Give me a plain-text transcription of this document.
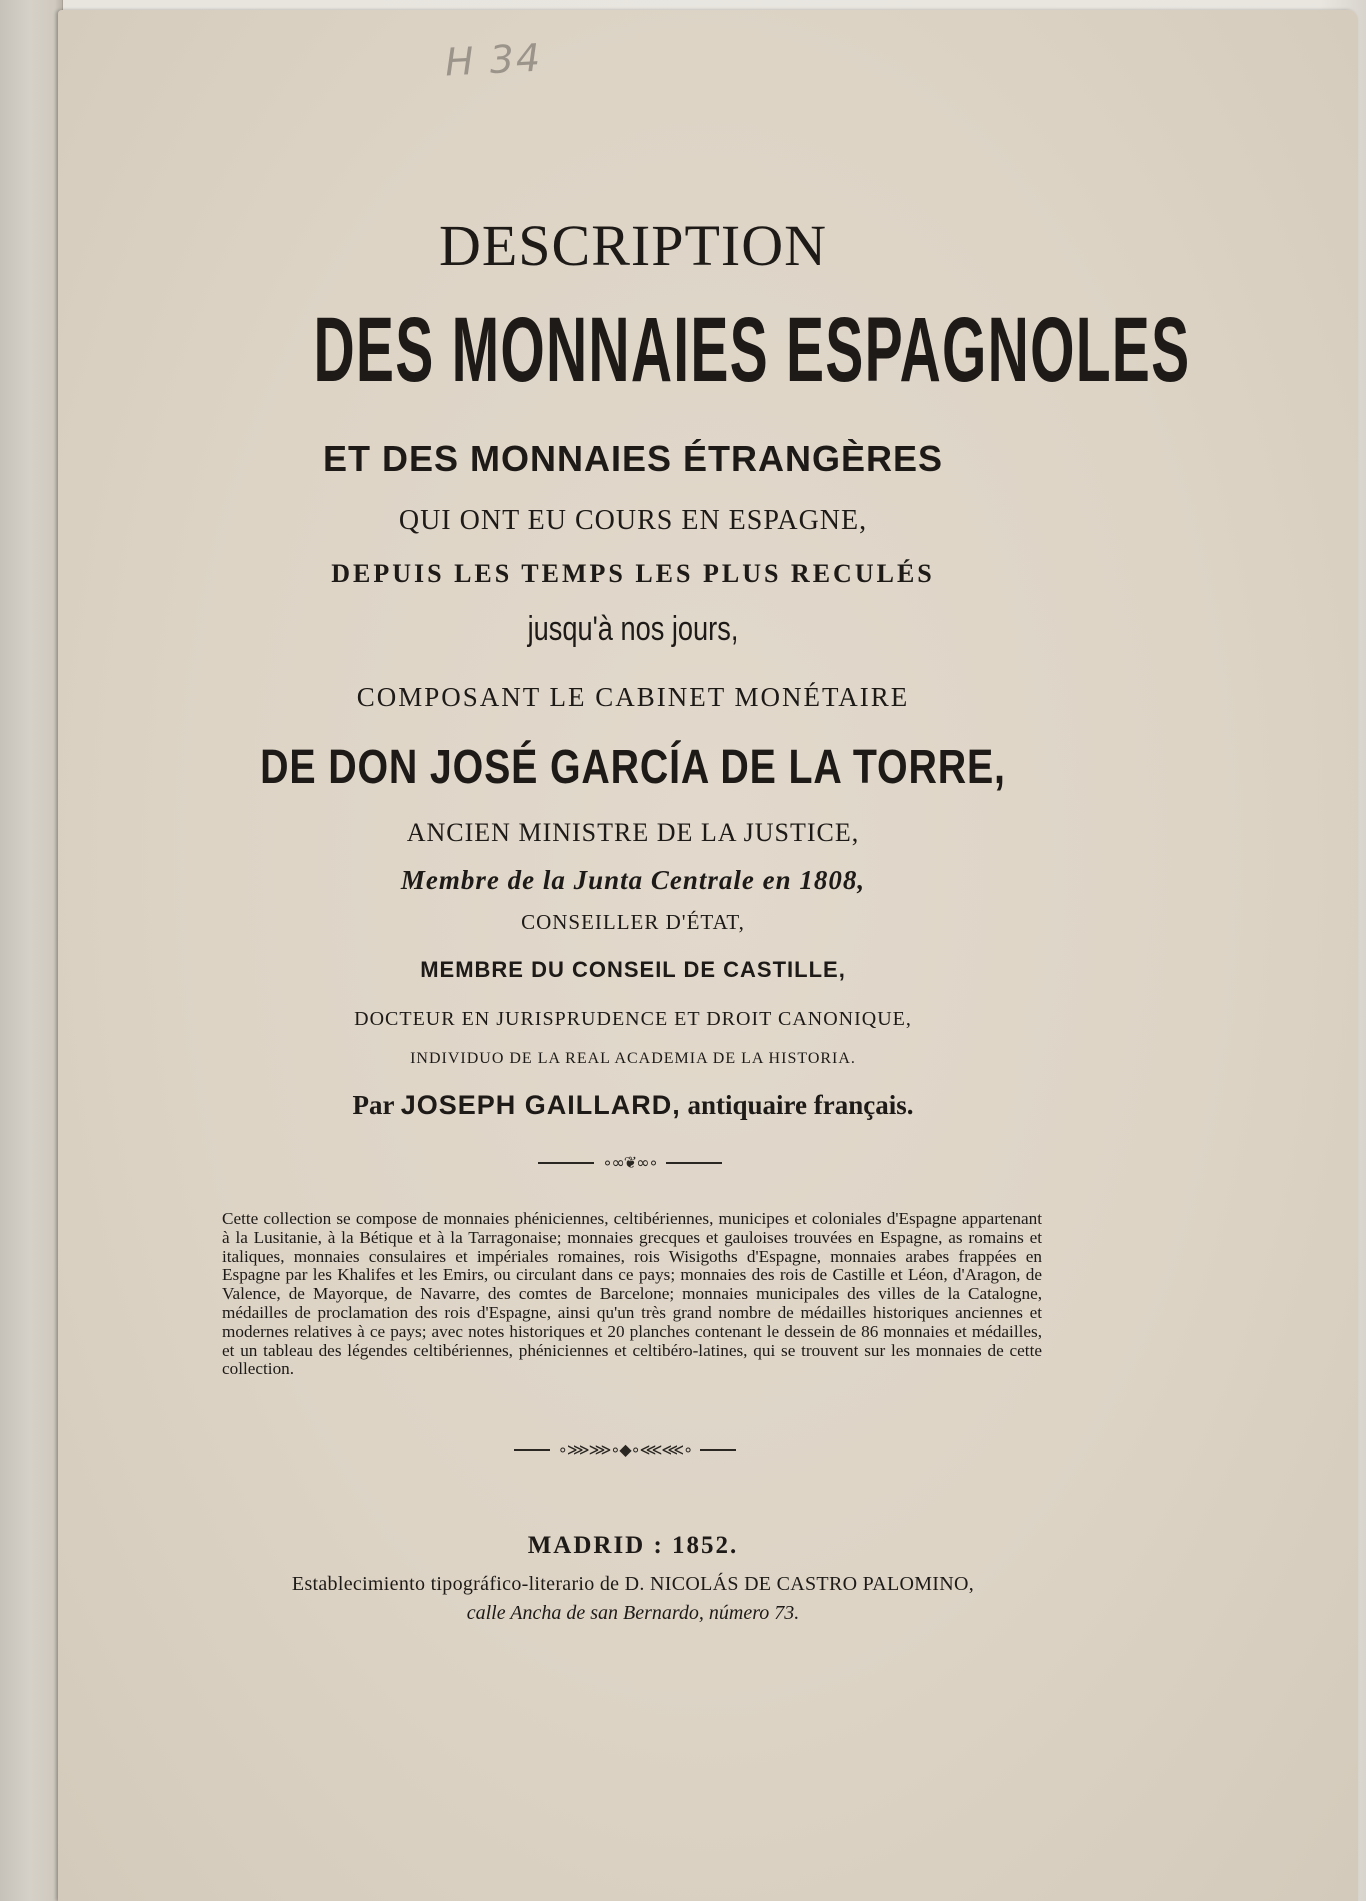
H 34
DESCRIPTION
DES MONNAIES ESPAGNOLES
ET DES MONNAIES ÉTRANGÈRES
QUI ONT EU COURS EN ESPAGNE,
DEPUIS LES TEMPS LES PLUS RECULÉS
jusqu'à nos jours,
COMPOSANT LE CABINET MONÉTAIRE
DE DON JOSÉ GARCÍA DE LA TORRE,
ANCIEN MINISTRE DE LA JUSTICE,
Membre de la Junta Centrale en 1808,
CONSEILLER D'ÉTAT,
MEMBRE DU CONSEIL DE CASTILLE,
DOCTEUR EN JURISPRUDENCE ET DROIT CANONIQUE,
INDIVIDUO DE LA REAL ACADEMIA DE LA HISTORIA.
Par JOSEPH GAILLARD, antiquaire français.
∘∞❦∞∘
Cette collection se compose de monnaies phéniciennes, celtibériennes, municipes et coloniales d'Espagne appartenant à la Lusitanie, à la Bétique et à la Tarragonaise; monnaies grecques et gauloises trouvées en Espagne, as romains et italiques, monnaies consulaires et impériales romaines, rois Wisigoths d'Espagne, monnaies arabes frappées en Espagne par les Khalifes et les Emirs, ou circulant dans ce pays; monnaies des rois de Castille et Léon, d'Aragon, de Valence, de Mayorque, de Navarre, des comtes de Barcelone; monnaies municipales des villes de la Catalogne, médailles de proclamation des rois d'Espagne, ainsi qu'un très grand nombre de médailles historiques anciennes et modernes relatives à ce pays; avec notes historiques et 20 planches contenant le dessein de 86 monnaies et médailles, et un tableau des légendes celtibériennes, phéniciennes et celtibéro-latines, qui se trouvent sur les monnaies de cette collection.
∘⋙⋙∘◆∘⋘⋘∘
MADRID : 1852.
Establecimiento tipográfico-literario de D. NICOLÁS DE CASTRO PALOMINO,
calle Ancha de san Bernardo, número 73.
